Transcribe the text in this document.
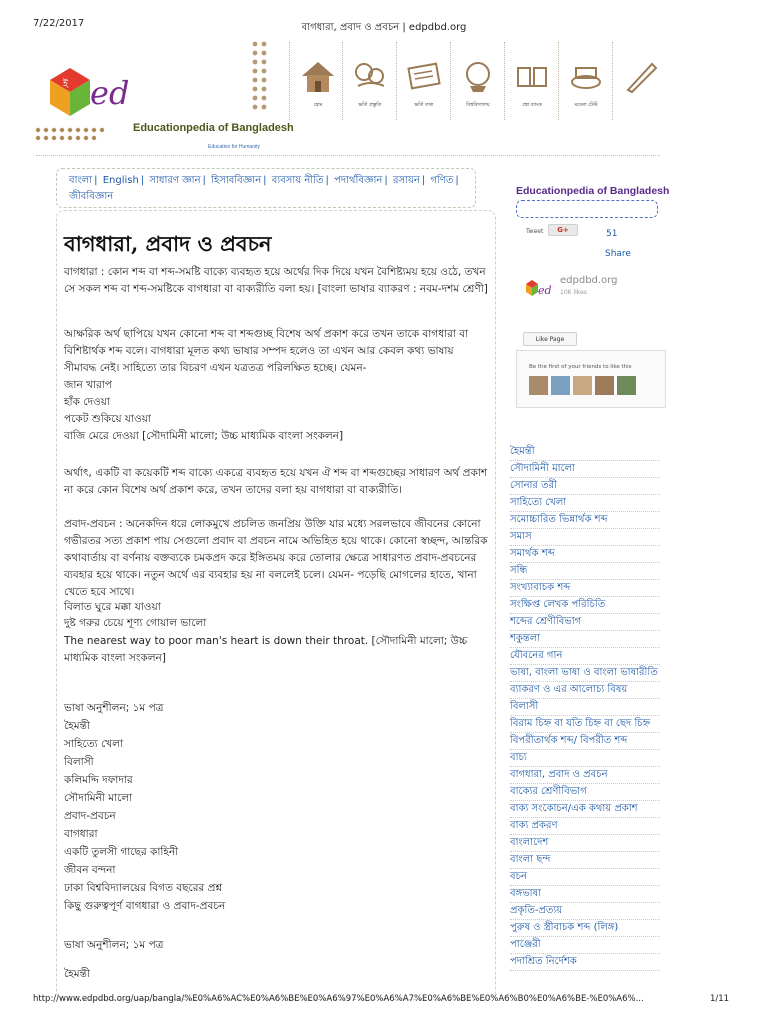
7/22/2017	বাগধারা, প্রবাদ ও প্রবচন | edpdbd.org
ই ed
Educationpedia of Bangladesh
Education for Humanity
হোম	ভর্তি প্রস্তুতি	ভর্তি তথ্য	বিশ্ববিদ্যালয়	প্রশ্ন ব্যাংক	মডেল টেস্ট
বাংলা | English | সাধারণ জ্ঞান | হিসাববিজ্ঞান | ব্যবসায় নীতি | পদার্থবিজ্ঞান | রসায়ন | গণিত | জীববিজ্ঞান
বাগধারা, প্রবাদ ও প্রবচন
বাগধারা : কোন শব্দ বা শব্দ-সমষ্টি বাক্যে ব্যবহৃত হয়ে অর্থের দিক দিয়ে যখন বৈশিষ্ট্যময় হয়ে ওঠে, তখন সে সকল শব্দ বা শব্দ-সমষ্টিকে বাগধারা বা বাক্যরীতি বলা হয়। [বাংলা ভাষার ব্যাকরণ : নবম-দশম শ্রেণী]
আক্ষরিক অর্থ ছাপিয়ে যখন কোনো শব্দ বা শব্দগুচ্ছ বিশেষ অর্থ প্রকাশ করে তখন তাকে বাগধারা বা বিশিষ্টার্থক শব্দ বলে। বাগধারা মূলত কথ্য ভাষার সম্পদ হলেও তা এখন আর কেবল কথ্য ভাষায় সীমাবদ্ধ নেই। সাহিত্যে তার বিচরণ এখন যত্রতত্র পরিলক্ষিত হচ্ছে। যেমন-
জান খারাপ
হাঁক দেওয়া
পকেট শুকিয়ে যাওয়া
বাজি মেরে দেওয়া [সৌদামিনী মালো; উচ্চ মাধ্যমিক বাংলা সংকলন]
অর্থাৎ, একটি বা কয়েকটি শব্দ বাক্যে একত্রে ব্যবহৃত হয়ে যখন ঐ শব্দ বা শব্দগুচ্ছের সাধারণ অর্থ প্রকাশ না করে কোন বিশেষ অর্থ প্রকাশ করে, তখন তাদের বলা হয় বাগধারা বা বাক্যরীতি।
প্রবাদ-প্রবচন : অনেকদিন ধরে লোকমুখে প্রচলিত জনপ্রিয় উক্তি যার মধ্যে সরলভাবে জীবনের কোনো গভীরতর সত্য প্রকাশ পায় সেগুলো প্রবাদ বা প্রবচন নামে অভিহিত হয়ে থাকে। কোনো স্বচ্ছন্দ, আন্তরিক কথাবার্তায় বা বর্ণনায় বক্তব্যকে চমকপ্রদ করে ইঙ্গিতময় করে তোলার ক্ষেত্রে সাধারণত প্রবাদ-প্রবচনের ব্যবহার হয়ে থাকে। নতুন অর্থে এর ব্যবহার হয় না বললেই চলে। যেমন- পড়েছি মোগলের হাতে, খানা খেতে হবে সাথে।
বিলাত ঘুরে মক্কা যাওয়া
দুষ্ট গরুর চেয়ে শূণ্য গোয়াল ভালো
The nearest way to poor man's heart is down their throat. [সৌদামিনী মালো; উচ্চ মাধ্যমিক বাংলা সংকলন]
ভাষা অনুশীলন; ১ম পত্র
হৈমন্তী
সাহিত্যে খেলা
বিলাসী
কলিমদ্দি দফাদার
সৌদামিনী মালো
প্রবাদ-প্রবচন
বাগধারা
একটি তুলসী গাছের কাহিনী
জীবন বন্দনা
ঢাকা বিশ্ববিদ্যালয়ের বিগত বছরের প্রশ্ন
কিছু গুরুত্বপূর্ণ বাগধারা ও প্রবাদ-প্রবচন
ভাষা অনুশীলন; ১ম পত্র
হৈমন্তী
Educationpedia of Bangladesh
Tweet	G+	51
Share
ed
edpdbd.org
10K likes
Like Page
Be the first of your friends to like this
হৈমন্তী
সৌদামিনী মালো
সোনার তরী
সাহিত্যে খেলা
সমোচ্চারিত ভিন্নার্থক শব্দ
সমাস
সমার্থক শব্দ
সন্ধি
সংখ্যাবাচক শব্দ
সংক্ষিপ্ত লেখক পরিচিতি
শব্দের শ্রেণীবিভাগ
শকুন্তলা
যৌবনের গান
ভাষা, বাংলা ভাষা ও বাংলা ভাষারীতি
ব্যাকরণ ও এর আলোচ্য বিষয়
বিলাসী
বিরাম চিহ্ন বা যতি চিহ্ন বা ছেদ চিহ্ন
বিপরীতার্থক শব্দ/ বিপরীত শব্দ
বাচ্য
বাগধারা, প্রবাদ ও প্রবচন
বাক্যের শ্রেণীবিভাগ
বাক্য সংকোচন/এক কথায় প্রকাশ
বাক্য প্রকরণ
বাংলাদেশ
বাংলা ছন্দ
বচন
বঙ্গভাষা
প্রকৃতি-প্রত্যয়
পুরুষ ও স্ত্রীবাচক শব্দ (লিঙ্গ)
পাঞ্জেরী
পদাশ্রিত নির্দেশক
http://www.edpdbd.org/uap/bangla/%E0%A6%AC%E0%A6%BE%E0%A6%97%E0%A6%A7%E0%A6%BE%E0%A6%B0%E0%A6%BE-%E0%A6%...	1/11
